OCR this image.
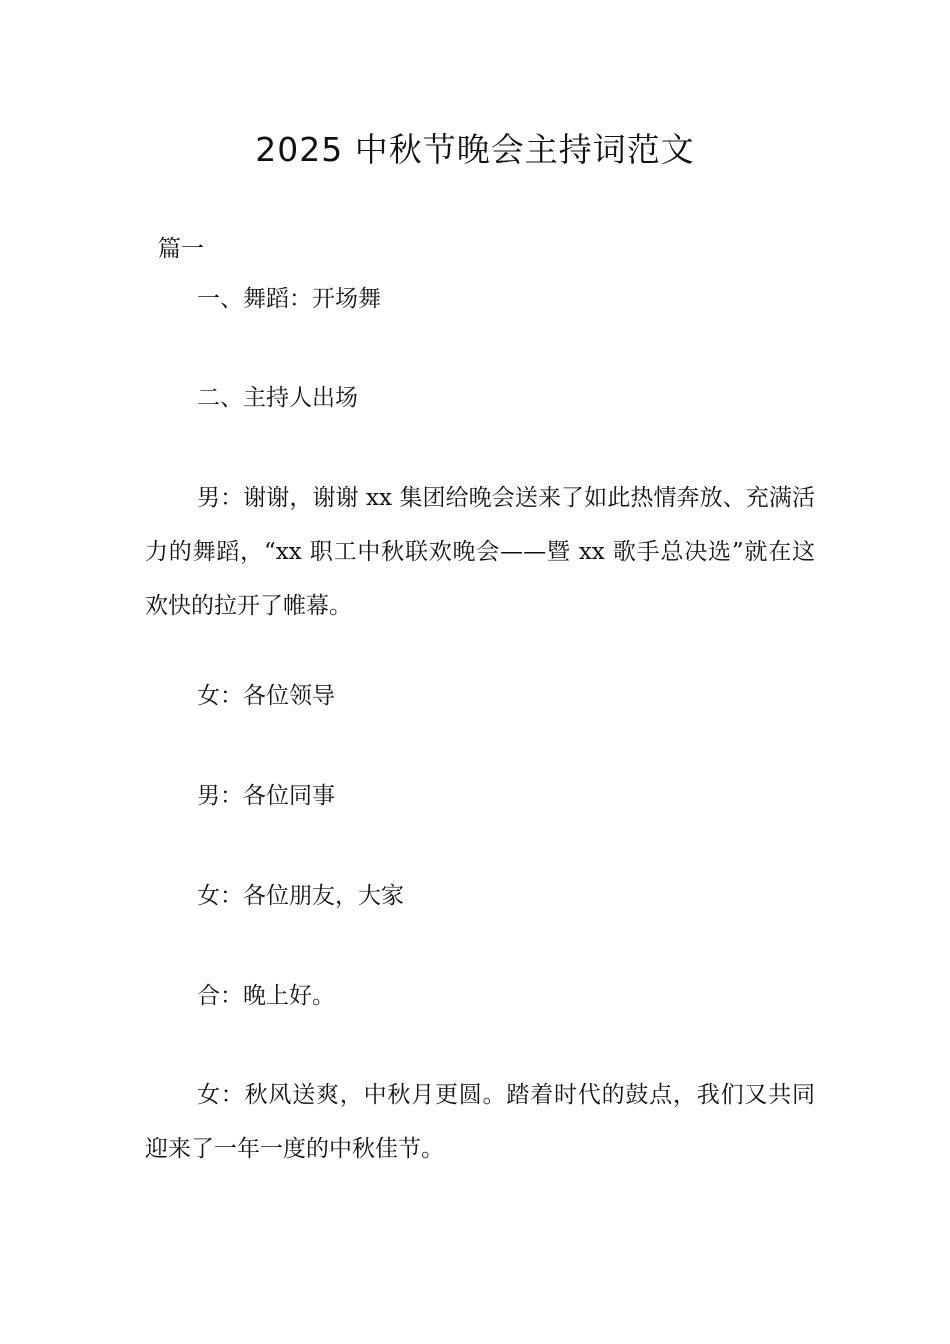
2025 中秋节晚会主持词范文
篇一
一、舞蹈：开场舞
二、主持人出场
男：谢谢，谢谢 xx 集团给晚会送来了如此热情奔放、充满活力的舞蹈，“xx 职工中秋联欢晚会——暨 xx 歌手总决选”就在这欢快的拉开了帷幕。
女：各位领导
男：各位同事
女：各位朋友，大家
合：晚上好。
女：秋风送爽，中秋月更圆。踏着时代的鼓点，我们又共同迎来了一年一度的中秋佳节。
